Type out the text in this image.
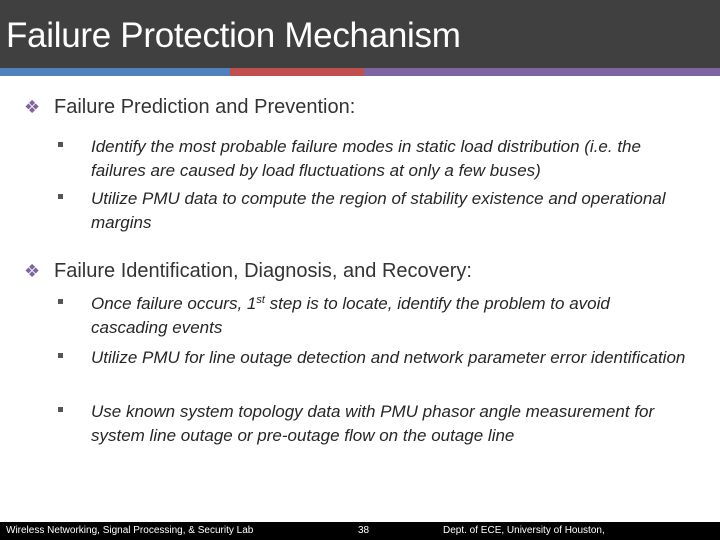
Failure Protection Mechanism
❖ Failure Prediction and Prevention:
Identify the most probable failure modes in static load distribution (i.e. the failures are caused by load fluctuations at only a few buses)
Utilize PMU data to compute the region of stability existence and operational margins
❖ Failure Identification, Diagnosis, and Recovery:
Once failure occurs, 1st step is to locate, identify the problem to avoid cascading events
Utilize PMU for line outage detection and network parameter error identification
Use known system topology data with PMU phasor angle measurement for system line outage or pre-outage flow on the outage line
Wireless Networking, Signal Processing, & Security Lab	38	Dept. of ECE, University of Houston,
